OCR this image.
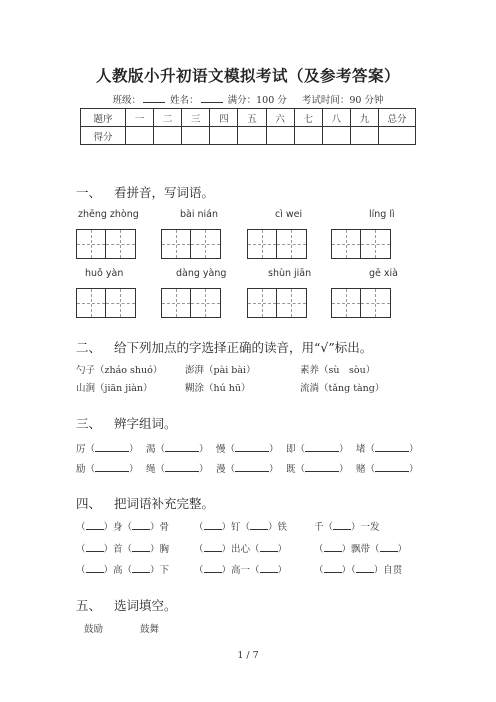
人教版小升初语文模拟考试（及参考答案）
班级：	姓名：	满分：100 分 考试时间：90 分钟
题序	一	二	三	四	五	六	七	八	九	总分
得分										
一、 看拼音，写词语。
zhēng zhòng	bài nián	cì wei	líng lì
huǒ yàn	dàng yàng	shùn jiān	gē xià
二、 给下列加点的字选择正确的读音，用“√”标出。
勺子（zháo shuó） 澎湃（pài bài）	素养（sù　sòu）
山涧（jiān jiàn）	糊涂（hú hū）	流淌（tǎng tàng）
三、 辨字组词。
厉（	） 渴（	） 慢（	） 即（	） 堵（	）
励（	） 绳（	） 漫（	） 既（	） 赌（	）
四、 把词语补充完整。
（ ）身（ ）骨	（ ）钉（ ）铁	千（ ）一发
（ ）首（ ）胸	（ ）出心（ ）	（ ）飘带（ ）
（ ）高（ ）下	（ ）高一（ ）	（ ）（ ）自贯
五、 选词填空。
鼓励	鼓舞
1 / 7
